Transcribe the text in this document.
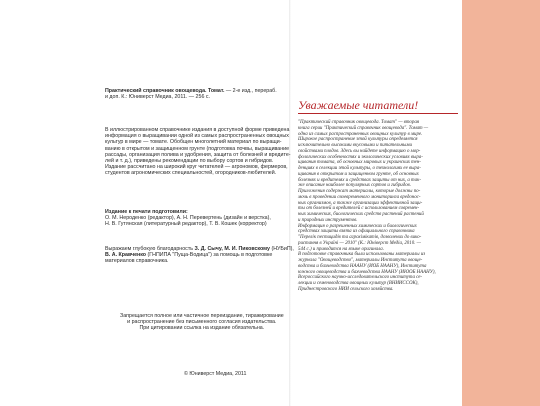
Практический справочник овощевода. Томат. — 2-е изд., перераб.
и доп. К.: Юниверст Медиа, 2011. — 256 с.
В иллюстрированном справочнике издания в доступной форме приведена
информация о выращивании одной из самых распространенных овощных
культур в мире — томате. Обобщен многолетний материал по выращи-
ванию в открытом и защищенном грунте (подготовка почвы, выращивание
рассады, организация полива и удобрения, защита от болезней и вредите-
лей и т. д.), приведены рекомендации по выбору сортов и гибридов.
Издание рассчитано на широкий круг читателей — агрономов, фермеров,
студентов агрономических специальностей, огородников-любителей.
Издание к печати подготовили:
О. М. Нероденко (редактор), А. Н. Перевертень (дизайн и верстка),
Н. В. Гутянская (литературный редактор), Т. В. Кошек (корректор)
Выражаем глубокую благодарность З. Д. Сычу, М. И. Пиковскому (НУБиП),
В. А. Кравченко (ГНПИПА "Пуща-Водица") за помощь в подготовке
материалов справочника.
Запрещается полное или частичное переиздание, тиражирование
и распространение без письменного согласия издательства.
При цитировании ссылка на издание обязательна.
© Юниверст Медиа, 2011
Уважаемые читатели!
"Практический справочник овощевода. Томат" — вторая
книга серии "Практический справочник овощевода". Томат —
одна из самых распространенных овощных культур в мире.
Широкое распространение этой культуры определяется
исключительно высокими вкусовыми и питательными
свойствами плодов. Здесь вы найдете информацию о мор-
фологических особенностях и экологических условиях выра-
щивания томата, об основных мировых и украинских тен-
денциях в селекции этой культуры, о технологиях ее выра-
щивания в открытом и защищенном грунте, об основных
болезнях и вредителях и средствах защиты от них, а так-
же описание наиболее популярных сортов и гибридов.
Приложения содержат материалы, которые должны по-
мочь в проведении своевременного мониторинга вредонос-
ных организмов, а также организации эффективной защи-
ты от болезней и вредителей с использованием современ-
ных химических, биологических средств растений растений
и природных инструментов.
Информация о разрешенных химических и биологических
средствах защиты взята из официального справочника
"Перелік пестицидів та агрохімікатів, дозволених до вико-
ристання в Україні — 2010" (К.: Юніверст Медіа, 2010. —
544 с.) и приводится на языке оригинала.
В подготовке справочника были использованы материалы из
журнала "Овощеводство", материалы Института овоще-
водства и бахчеводства НААНУ (ИОБ НААНУ), Института
южного овощеводства и бахчеводства НААНУ (ИЮОБ НААНУ),
Всероссийского научно-исследовательского института се-
лекции и семеноводства овощных культур (ВНИИССОК),
Приднестровского НИИ сельского хозяйства.
